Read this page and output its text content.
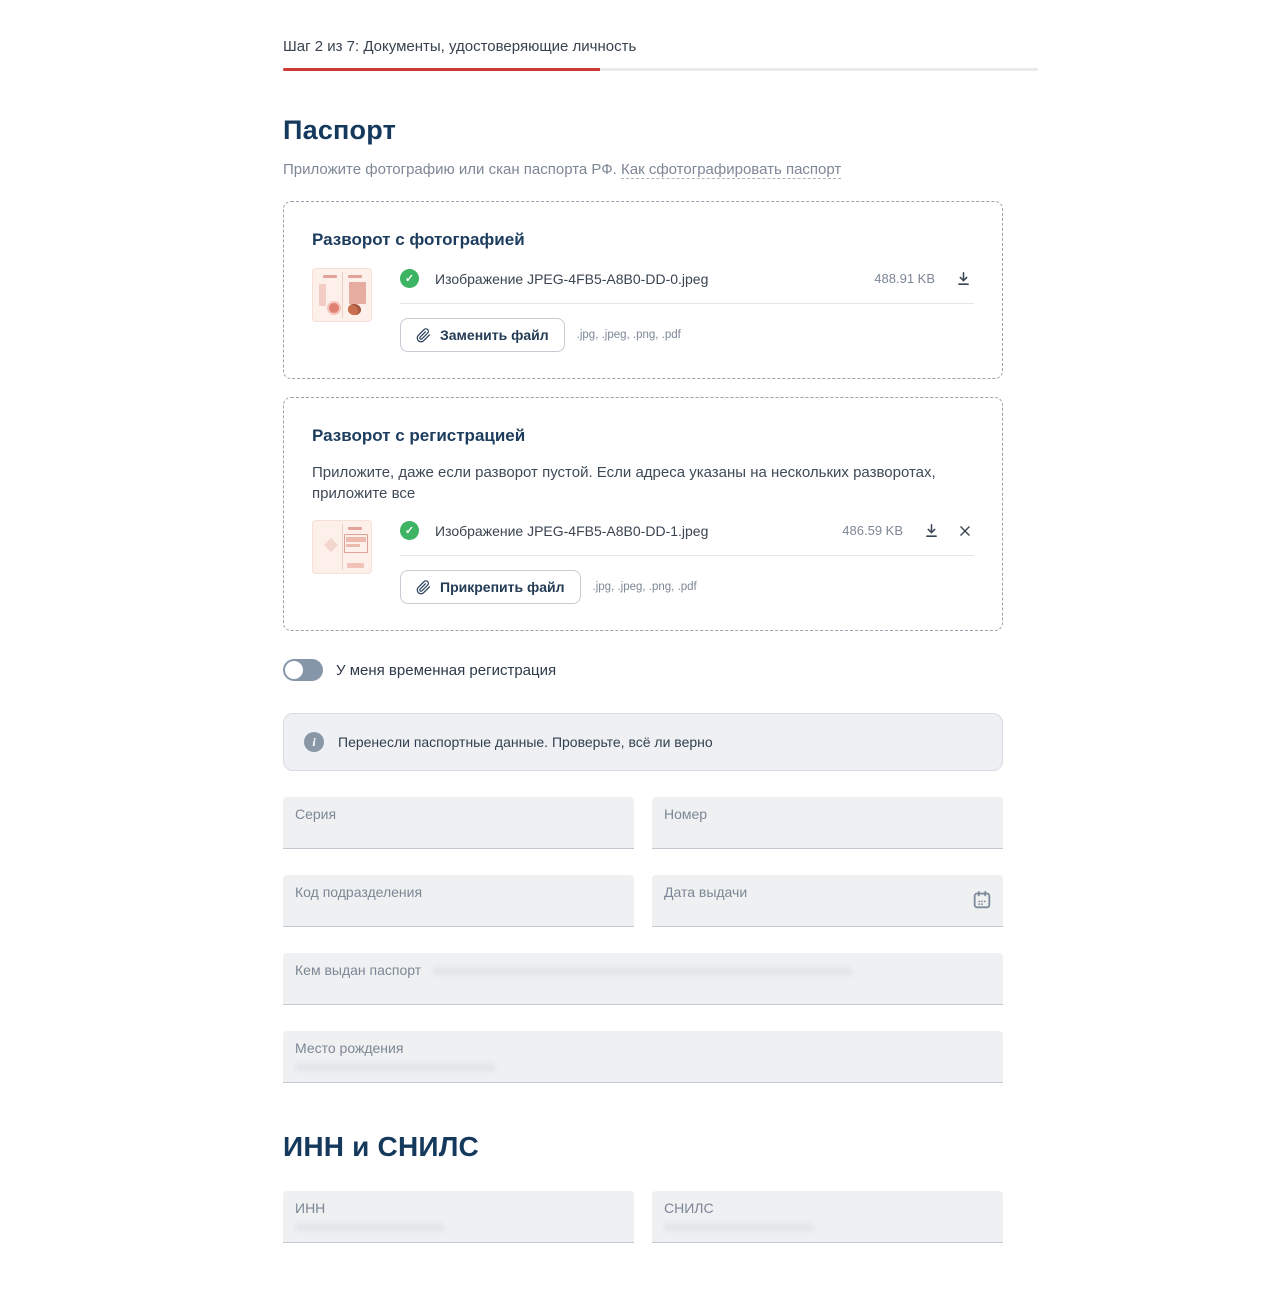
Шаг 2 из 7: Документы, удостоверяющие личность
Паспорт

Приложите фотографию или скан паспорта РФ. Как сфотографировать паспорт

Разворот с фотографией
✓	Изображение JPEG-4FB5-A8B0-DD-0.jpeg	488.91 KB
Заменить файл .jpg, .jpeg, .png, .pdf
Разворот с регистрацией

Приложите, даже если разворот пустой. Если адреса указаны на нескольких разворотах, приложите все

✓	Изображение JPEG-4FB5-A8B0-DD-1.jpeg	486.59 KB
Прикрепить файл .jpg, .jpeg, .png, .pdf
У меня временная регистрация
i	Перенесли паспортные данные. Проверьте, всё ли верно
Серия	Номер
Код подразделения	Дата выдачи
Кем выдан паспорт
Место рождения
ИНН и СНИЛС
ИНН	СНИЛС
